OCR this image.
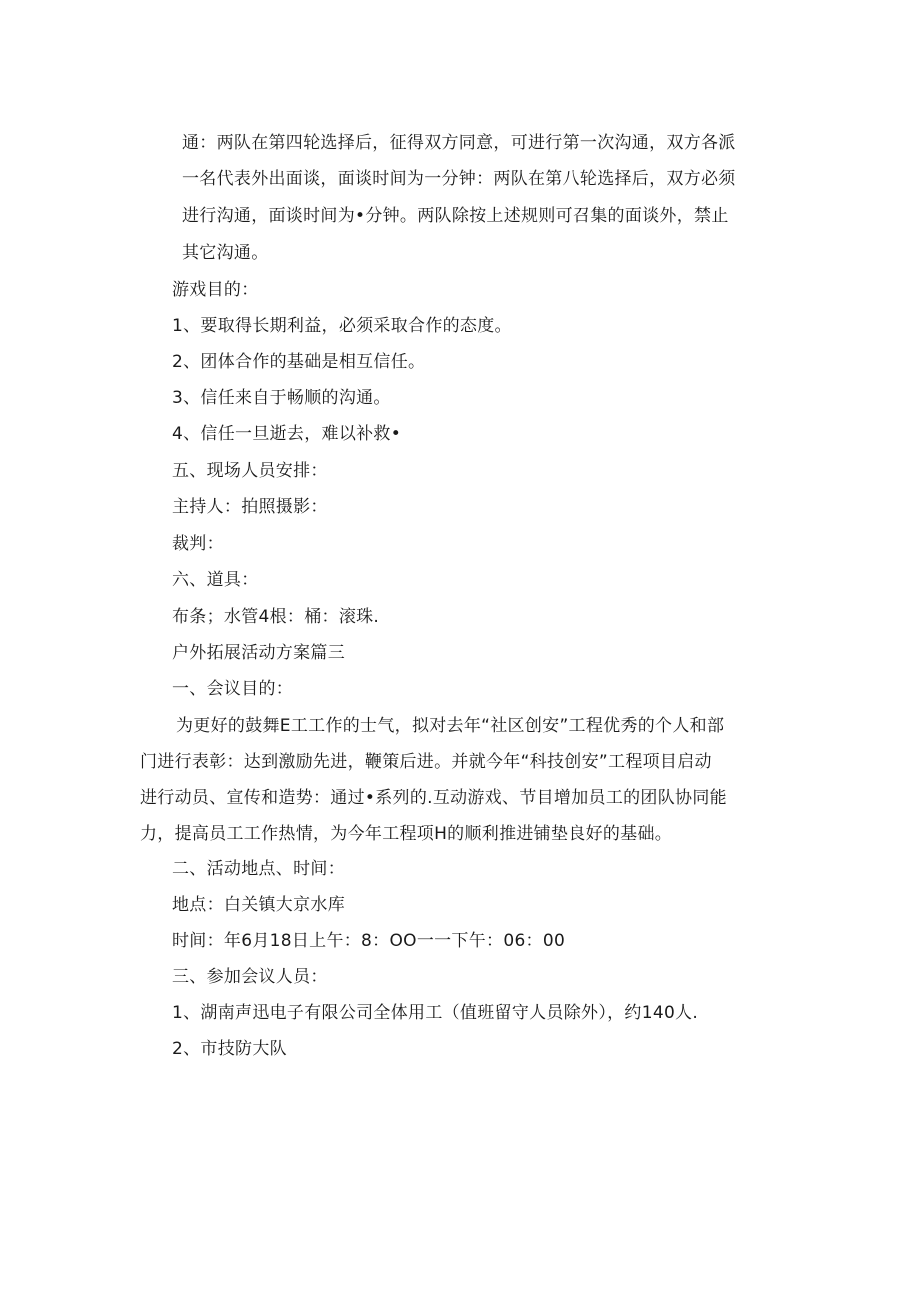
通：两队在第四轮选择后，征得双方同意，可进行第一次沟通，双方各派

一名代表外出面谈，面谈时间为一分钟：两队在第八轮选择后，双方必须

进行沟通，面谈时间为•分钟。两队除按上述规则可召集的面谈外，禁止

其它沟通。

游戏目的：

1、要取得长期利益，必须采取合作的态度。

2、团体合作的基础是相互信任。

3、信任来自于畅顺的沟通。

4、信任一旦逝去，难以补救•

五、现场人员安排：

主持人：拍照摄影：

裁判：

六、道具：

布条；水管4根：桶：滚珠.

户外拓展活动方案篇三

一、会议目的：

为更好的鼓舞E工工作的士气，拟对去年“社区创安”工程优秀的个人和部

门进行表彰：达到激励先进，鞭策后进。并就今年“科技创安”工程项目启动

进行动员、宣传和造势：通过•系列的.互动游戏、节目增加员工的团队协同能

力，提高员工工作热情，为今年工程项H的顺利推进铺垫良好的基础。

二、活动地点、时间：

地点：白关镇大京水库

时间：年6月18日上午：8：OO一一下午：06：00

三、参加会议人员：

1、湖南声迅电子有限公司全体用工（值班留守人员除外），约140人.

2、市技防大队
